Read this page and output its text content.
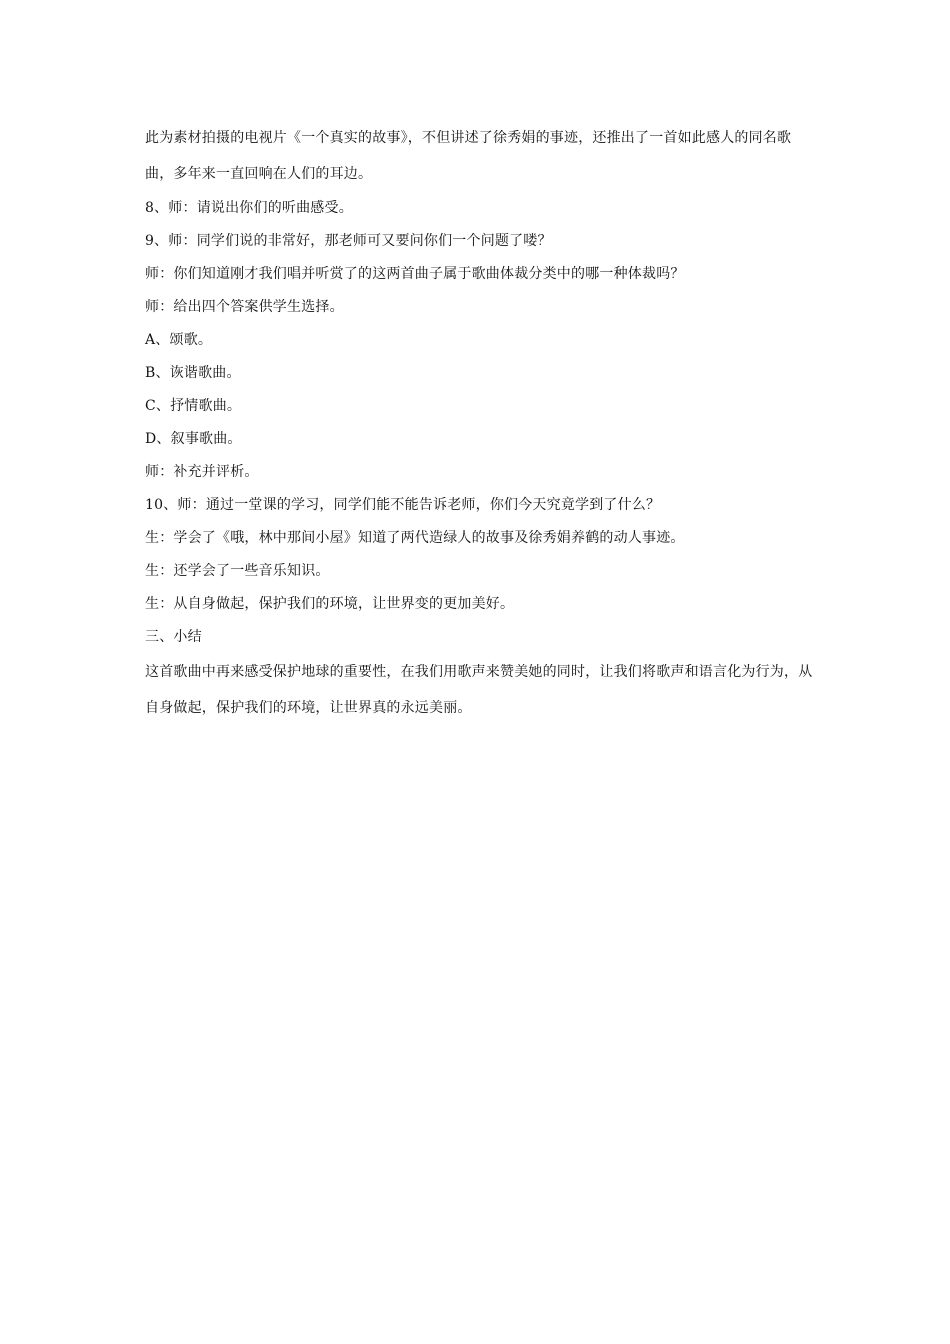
此为素材拍摄的电视片《一个真实的故事》，不但讲述了徐秀娟的事迹，还推出了一首如此感人的同名歌曲，多年来一直回响在人们的耳边。

8、师：请说出你们的听曲感受。

9、师：同学们说的非常好，那老师可又要问你们一个问题了喽？

师：你们知道刚才我们唱并听赏了的这两首曲子属于歌曲体裁分类中的哪一种体裁吗？

师：给出四个答案供学生选择。

A、颂歌。

B、诙谐歌曲。

C、抒情歌曲。

D、叙事歌曲。

师：补充并评析。

10、师：通过一堂课的学习，同学们能不能告诉老师，你们今天究竟学到了什么？

生：学会了《哦，林中那间小屋》知道了两代造绿人的故事及徐秀娟养鹤的动人事迹。

生：还学会了一些音乐知识。

生：从自身做起，保护我们的环境，让世界变的更加美好。

三、小结

这首歌曲中再来感受保护地球的重要性，在我们用歌声来赞美她的同时，让我们将歌声和语言化为行为，从自身做起，保护我们的环境，让世界真的永远美丽。
